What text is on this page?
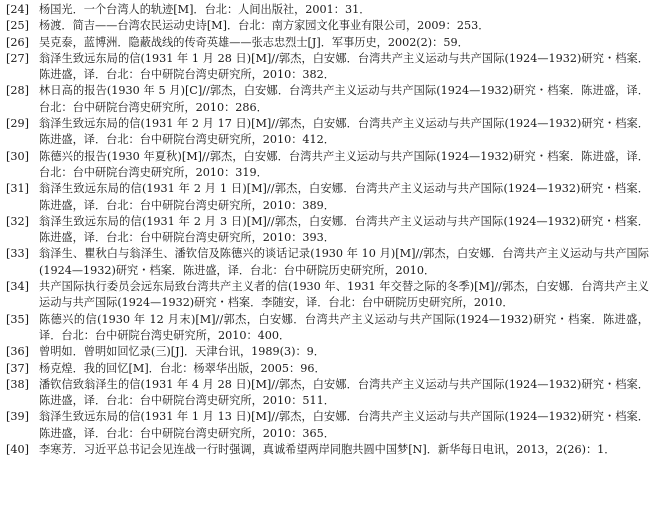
[24] 杨国光．一个台湾人的轨迹[M]．台北：人间出版社，2001：31．
[25] 杨渡．简吉——台湾农民运动史诗[M]．台北：南方家园文化事业有限公司，2009：253．
[26] 吴克泰，蓝博洲．隐蔽战线的传奇英雄——张志忠烈士[J]．军事历史，2002(2)：59．
[27] 翁泽生致远东局的信(1931 年 1 月 28 日)[M]//郭杰，白安娜．台湾共产主义运动与共产国际(1924—1932)研究・档案．陈进盛，译．台北：台中研院台湾史研究所，2010：382．
[28] 林日高的报告(1930 年 5 月)[C]//郭杰，白安娜．台湾共产主义运动与共产国际(1924—1932)研究・档案．陈进盛，译．台北：台中研院台湾史研究所，2010：286．
[29] 翁泽生致远东局的信(1931 年 2 月 17 日)[M]//郭杰，白安娜．台湾共产主义运动与共产国际(1924—1932)研究・档案．陈进盛，译．台北：台中研院台湾史研究所，2010：412．
[30] 陈德兴的报告(1930 年夏秋)[M]//郭杰，白安娜．台湾共产主义运动与共产国际(1924—1932)研究・档案．陈进盛，译．台北：台中研院台湾史研究所，2010：319．
[31] 翁泽生致远东局的信(1931 年 2 月 1 日)[M]//郭杰，白安娜．台湾共产主义运动与共产国际(1924—1932)研究・档案．陈进盛，译．台北：台中研院台湾史研究所，2010：389．
[32] 翁泽生致远东局的信(1931 年 2 月 3 日)[M]//郭杰，白安娜．台湾共产主义运动与共产国际(1924—1932)研究・档案．陈进盛，译．台北：台中研院台湾史研究所，2010：393．
[33] 翁泽生、瞿秋白与翁泽生、潘钦信及陈德兴的谈话记录(1930 年 10 月)[M]//郭杰，白安娜．台湾共产主义运动与共产国际(1924—1932)研究・档案．陈进盛，译．台北：台中研院历史研究所，2010．
[34] 共产国际执行委员会远东局致台湾共产主义者的信(1930 年、1931 年交替之际的冬季)[M]//郭杰，白安娜．台湾共产主义运动与共产国际(1924—1932)研究・档案．李随安，译．台北：台中研院历史研究所，2010．
[35] 陈德兴的信(1930 年 12 月末)[M]//郭杰，白安娜．台湾共产主义运动与共产国际(1924—1932)研究・档案．陈进盛，译．台北：台中研院台湾史研究所，2010：400．
[36] 曾明如．曾明如回忆录(三)[J]．天津台讯，1989(3)：9．
[37] 杨克煌．我的回忆[M]．台北：杨翠华出版，2005：96．
[38] 潘钦信致翁泽生的信(1931 年 4 月 28 日)[M]//郭杰，白安娜．台湾共产主义运动与共产国际(1924—1932)研究・档案．陈进盛，译．台北：台中研院台湾史研究所，2010：511．
[39] 翁泽生致远东局的信(1931 年 1 月 13 日)[M]//郭杰，白安娜．台湾共产主义运动与共产国际(1924—1932)研究・档案．陈进盛，译．台北：台中研院台湾史研究所，2010：365．
[40] 李寒芳．习近平总书记会见连战一行时强调，真诚希望两岸同胞共圆中国梦[N]．新华每日电讯，2013，2(26)：1．
